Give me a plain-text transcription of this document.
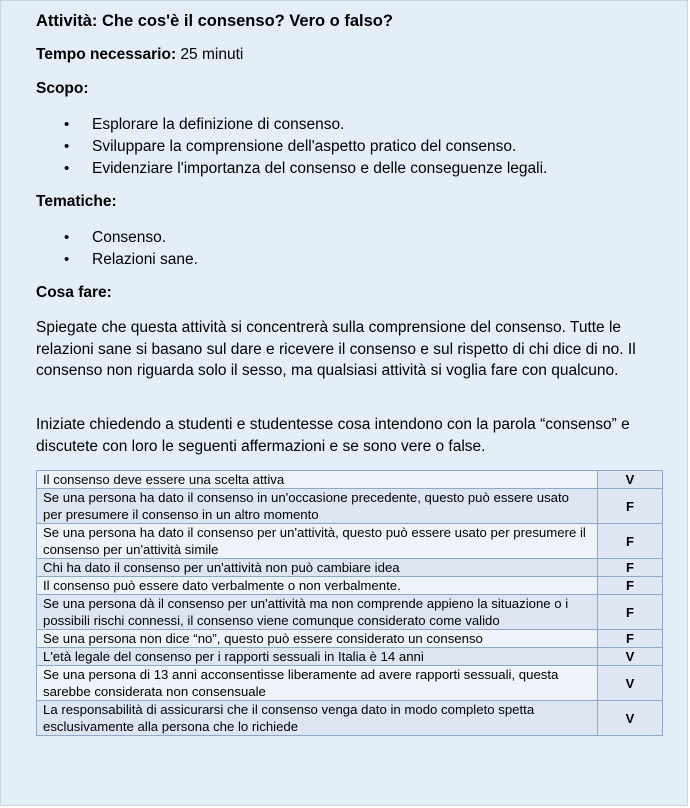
Attività: Che cos'è il consenso? Vero o falso?
Tempo necessario: 25 minuti
Scopo:
• Esplorare la definizione di consenso.
• Sviluppare la comprensione dell'aspetto pratico del consenso.
• Evidenziare l'importanza del consenso e delle conseguenze legali.
Tematiche:
• Consenso.
• Relazioni sane.
Cosa fare:
Spiegate che questa attività si concentrerà sulla comprensione del consenso. Tutte le relazioni sane si basano sul dare e ricevere il consenso e sul rispetto di chi dice di no. Il consenso non riguarda solo il sesso, ma qualsiasi attività si voglia fare con qualcuno.
Iniziate chiedendo a studenti e studentesse cosa intendono con la parola “consenso” e discutete con loro le seguenti affermazioni e se sono vere o false.
Il consenso deve essere una scelta attiva	V
Se una persona ha dato il consenso in un'occasione precedente, questo può essere usato per presumere il consenso in un altro momento	F
Se una persona ha dato il consenso per un'attività, questo può essere usato per presumere il consenso per un'attività simile	F
Chi ha dato il consenso per un'attività non può cambiare idea	F
Il consenso può essere dato verbalmente o non verbalmente.	F
Se una persona dà il consenso per un'attività ma non comprende appieno la situazione o i possibili rischi connessi, il consenso viene comunque considerato come valido	F
Se una persona non dice “no”, questo può essere considerato un consenso	F
L'età legale del consenso per i rapporti sessuali in Italia è 14 anni	V
Se una persona di 13 anni acconsentisse liberamente ad avere rapporti sessuali, questa sarebbe considerata non consensuale	V
La responsabilità di assicurarsi che il consenso venga dato in modo completo spetta esclusivamente alla persona che lo richiede	V
